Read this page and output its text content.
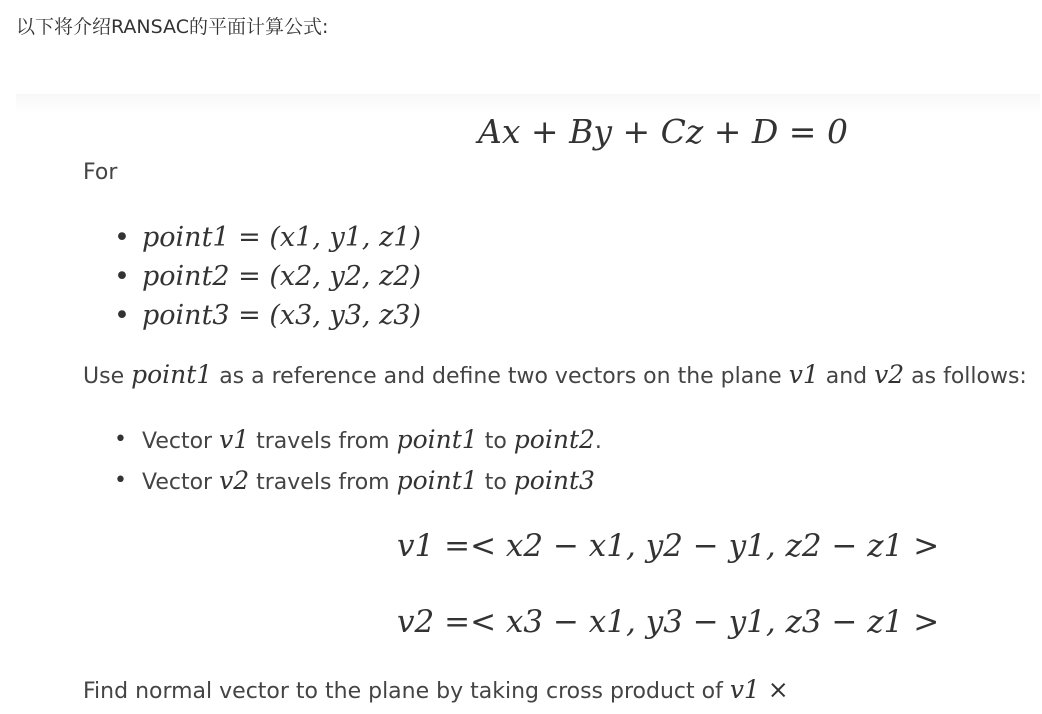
以下将介绍RANSAC的平面计算公式:
Ax + By + Cz + D = 0
For
• point1 = (x1, y1, z1)
• point2 = (x2, y2, z2)
• point3 = (x3, y3, z3)
Use point1 as a reference and define two vectors on the plane v1 and v2 as follows:
• Vector v1 travels from point1 to point2.
• Vector v2 travels from point1 to point3
v1 =< x2 − x1, y2 − y1, z2 − z1 >
v2 =< x3 − x1, y3 − y1, z3 − z1 >
Find normal vector to the plane by taking cross product of v1 ×
